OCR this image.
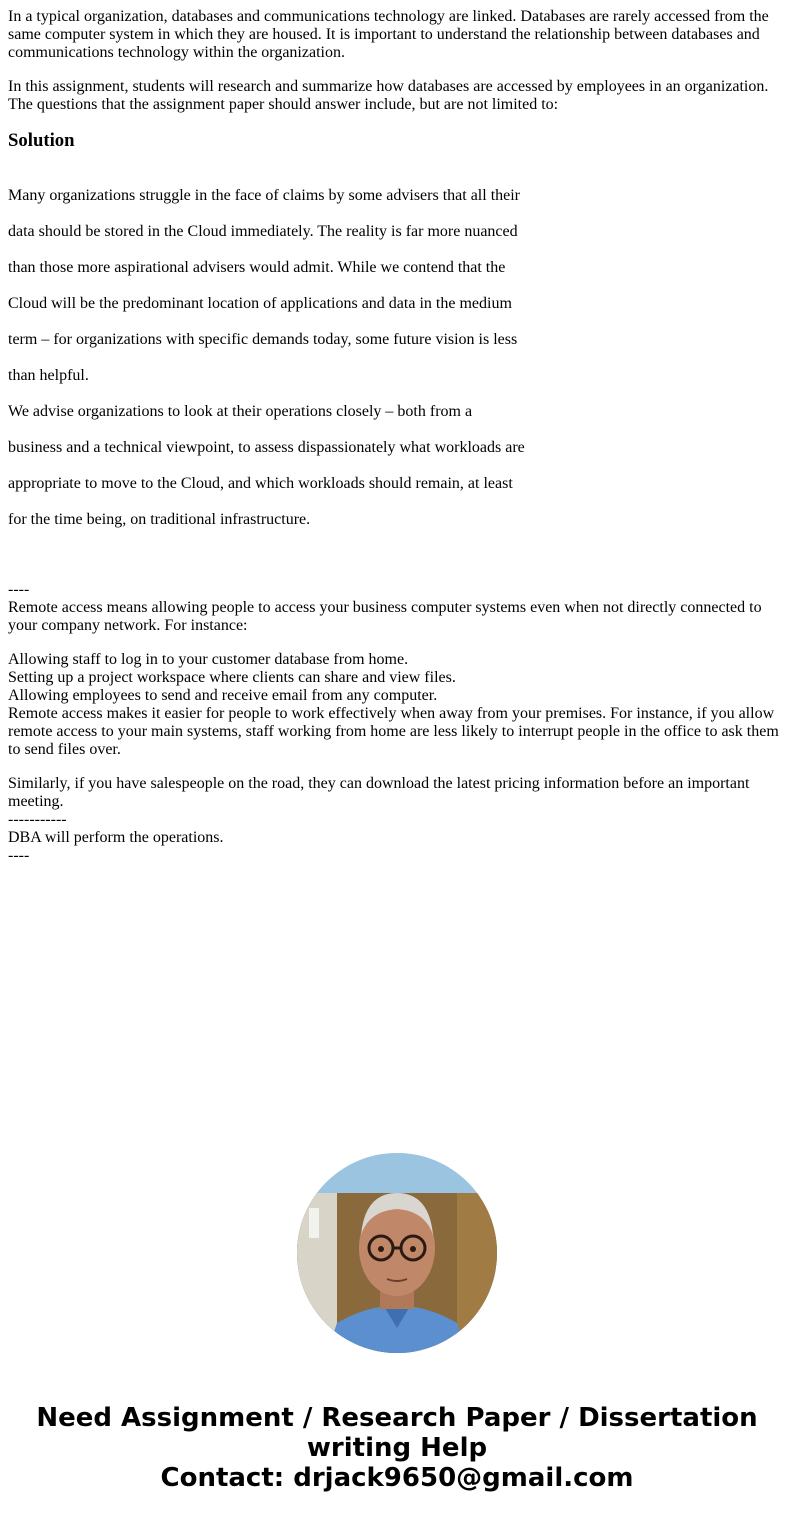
In a typical organization, databases and communications technology are linked. Databases are rarely accessed from the same computer system in which they are housed. It is important to understand the relationship between databases and communications technology within the organization.

In this assignment, students will research and summarize how databases are accessed by employees in an organization. The questions that the assignment paper should answer include, but are not limited to:

Solution

Many organizations struggle in the face of claims by some advisers that all their

data should be stored in the Cloud immediately. The reality is far more nuanced

than those more aspirational advisers would admit. While we contend that the

Cloud will be the predominant location of applications and data in the medium

term – for organizations with specific demands today, some future vision is less

than helpful.

We advise organizations to look at their operations closely – both from a

business and a technical viewpoint, to assess dispassionately what workloads are

appropriate to move to the Cloud, and which workloads should remain, at least

for the time being, on traditional infrastructure.

----

Remote access means allowing people to access your business computer systems even when not directly connected to your company network. For instance:

Allowing staff to log in to your customer database from home.
Setting up a project workspace where clients can share and view files.
Allowing employees to send and receive email from any computer.

Remote access makes it easier for people to work effectively when away from your premises. For instance, if you allow remote access to your main systems, staff working from home are less likely to interrupt people in the office to ask them to send files over.

Similarly, if you have salespeople on the road, they can download the latest pricing information before an important meeting.
-----------
DBA will perform the operations.
----
Need Assignment / Research Paper / Dissertation
writing Help
Contact: drjack9650@gmail.com
